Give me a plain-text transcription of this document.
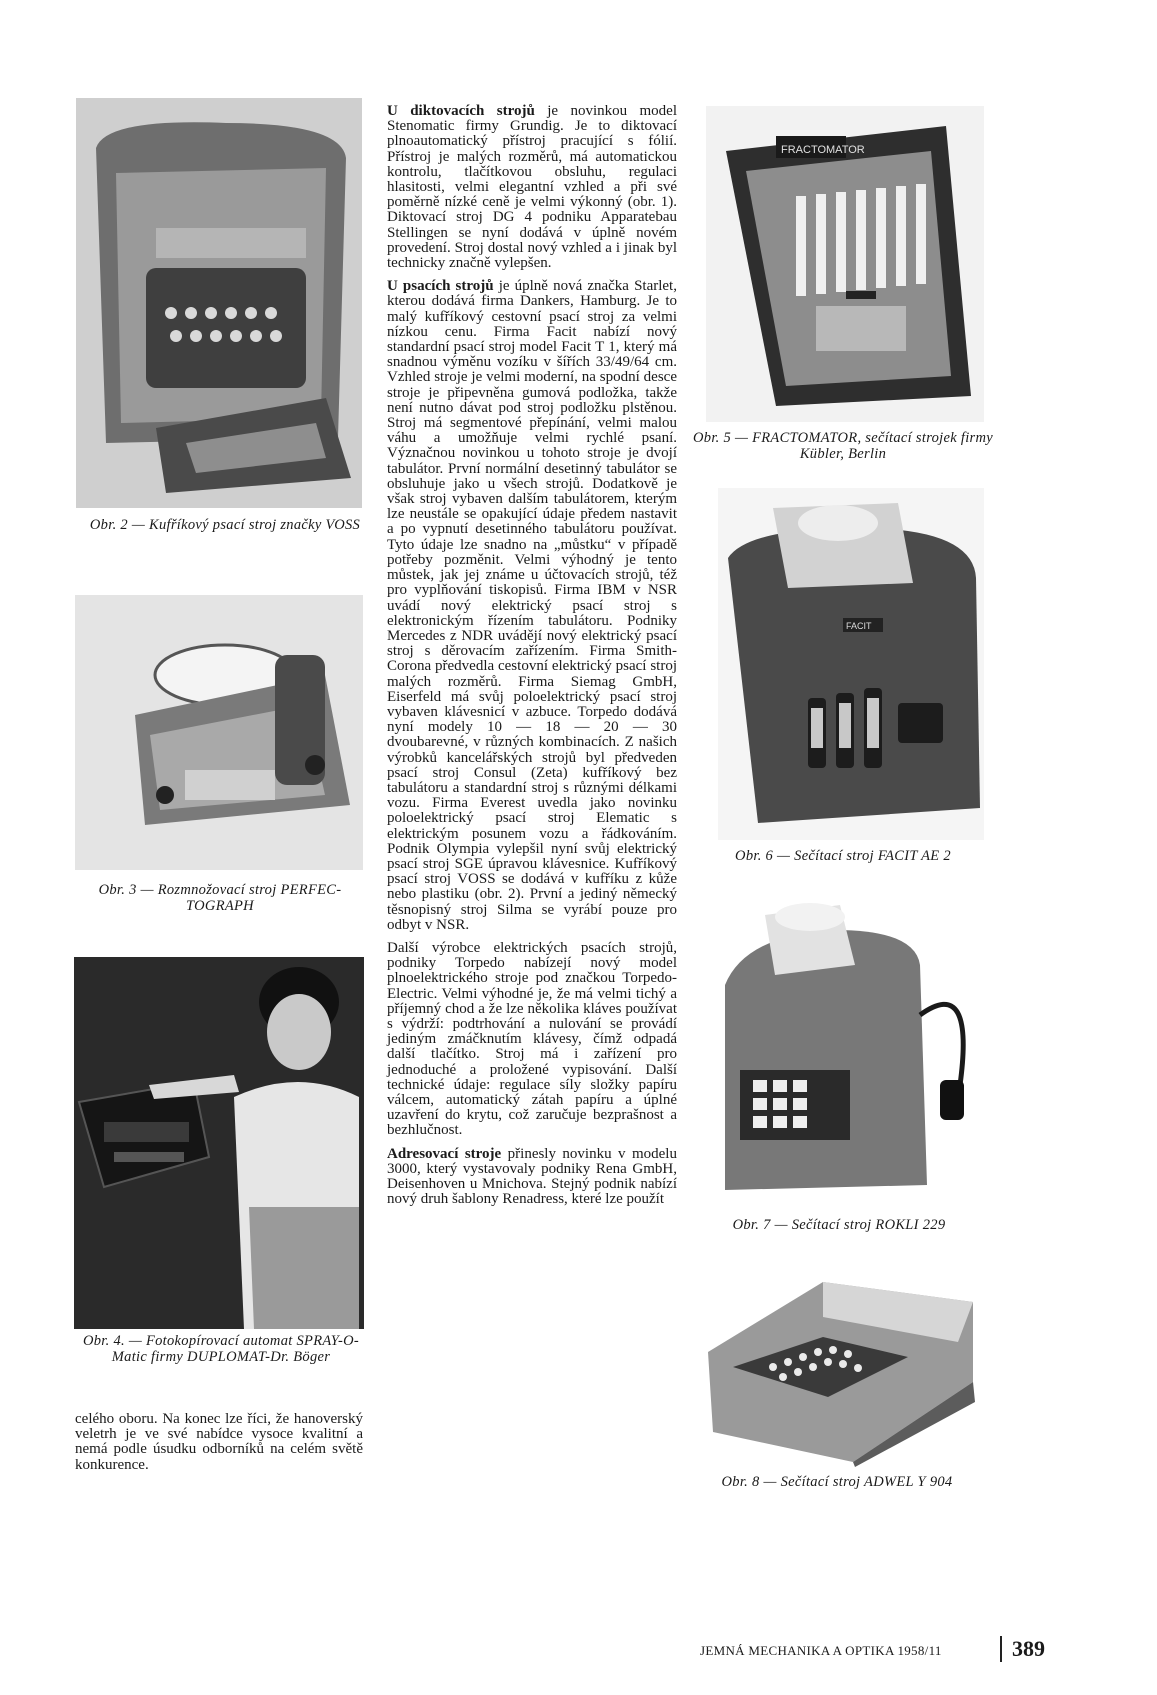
Obr. 2 — Kufříkový psací stroj značky VOSS
Obr. 3 — Rozmnožovací stroj PERFEC-TOGRAPH
Obr. 4. — Fotokopírovací automat SPRAY-O-Matic firmy DUPLOMAT-Dr. Böger
celého oboru. Na konec lze říci, že hanoverský veletrh je ve své nabídce vysoce kvalitní a nemá podle úsudku odborníků na celém světě konkurence.

U diktovacích strojů je novinkou model Stenomatic firmy Grundig. Je to diktovací plnoautomatický přístroj pracující s fólií. Přístroj je malých rozměrů, má automatickou kontrolu, tlačítkovou obsluhu, regulaci hlasitosti, velmi elegantní vzhled a při své poměrně nízké ceně je velmi výkonný (obr. 1). Diktovací stroj DG 4 podniku Apparatebau Stellingen se nyní dodává v úplně novém provedení. Stroj dostal nový vzhled a i jinak byl technicky značně vylepšen.

U psacích strojů je úplně nová značka Starlet, kterou dodává firma Dankers, Hamburg. Je to malý kufříkový cestovní psací stroj za velmi nízkou cenu. Firma Facit nabízí nový standardní psací stroj model Facit T 1, který má snadnou výměnu vozíku v šířích 33/49/64 cm. Vzhled stroje je velmi moderní, na spodní desce stroje je připevněna gumová podložka, takže není nutno dávat pod stroj podložku plstěnou. Stroj má segmentové přepínání, velmi malou váhu a umožňuje velmi rychlé psaní. Význačnou novinkou u tohoto stroje je dvojí tabulátor. První normální desetinný tabulátor se obsluhuje jako u všech strojů. Dodatkově je však stroj vybaven dalším tabulátorem, kterým lze neustále se opakující údaje předem nastavit a po vypnutí desetinného tabulátoru používat. Tyto údaje lze snadno na „můstku“ v případě potřeby pozměnit. Velmi výhodný je tento můstek, jak jej známe u účtovacích strojů, též pro vyplňování tiskopisů. Firma IBM v NSR uvádí nový elektrický psací stroj s elektronickým řízením tabulátoru. Podniky Mercedes z NDR uvádějí nový elektrický psací stroj s děrovacím zařízením. Firma Smith-Corona předvedla cestovní elektrický psací stroj malých rozměrů. Firma Siemag GmbH, Eiserfeld má svůj poloelektrický psací stroj vybaven klávesnicí v azbuce. Torpedo dodává nyní modely 10 — 18 — 20 — 30 dvoubarevné, v různých kombinacích. Z našich výrobků kancelářských strojů byl předveden psací stroj Consul (Zeta) kufříkový bez tabulátoru a standardní stroj s různými délkami vozu. Firma Everest uvedla jako novinku poloelektrický psací stroj Elematic s elektrickým posunem vozu a řádkováním. Podnik Olympia vylepšil nyní svůj elektrický psací stroj SGE úpravou klávesnice. Kufříkový psací stroj VOSS se dodává v kufříku z kůže nebo plastiku (obr. 2). První a jediný německý těsnopisný stroj Silma se vyrábí pouze pro odbyt v NSR.

Další výrobce elektrických psacích strojů, podniky Torpedo nabízejí nový model plnoelektrického stroje pod značkou Torpedo-Electric. Velmi výhodné je, že má velmi tichý a příjemný chod a že lze několika kláves používat s výdrží: podtrhování a nulování se provádí jediným zmáčknutím klávesy, čímž odpadá další tlačítko. Stroj má i zařízení pro jednoduché a proložené vypisování. Další technické údaje: regulace síly složky papíru válcem, automatický zátah papíru a úplné uzavření do krytu, což zaručuje bezprašnost a bezhlučnost.

Adresovací stroje přinesly novinku v modelu 3000, který vystavovaly podniky Rena GmbH, Deisenhoven u Mnichova. Stejný podnik nabízí nový druh šablony Renadress, které lze použít

FRACTOMATOR
Obr. 5 — FRACTOMATOR, sečítací strojek firmy Kübler, Berlin
FACIT
Obr. 6 — Sečítací stroj FACIT AE 2
Obr. 7 — Sečítací stroj ROKLI 229
Obr. 8 — Sečítací stroj ADWEL Y 904
JEMNÁ MECHANIKA A OPTIKA 1958/11	389
